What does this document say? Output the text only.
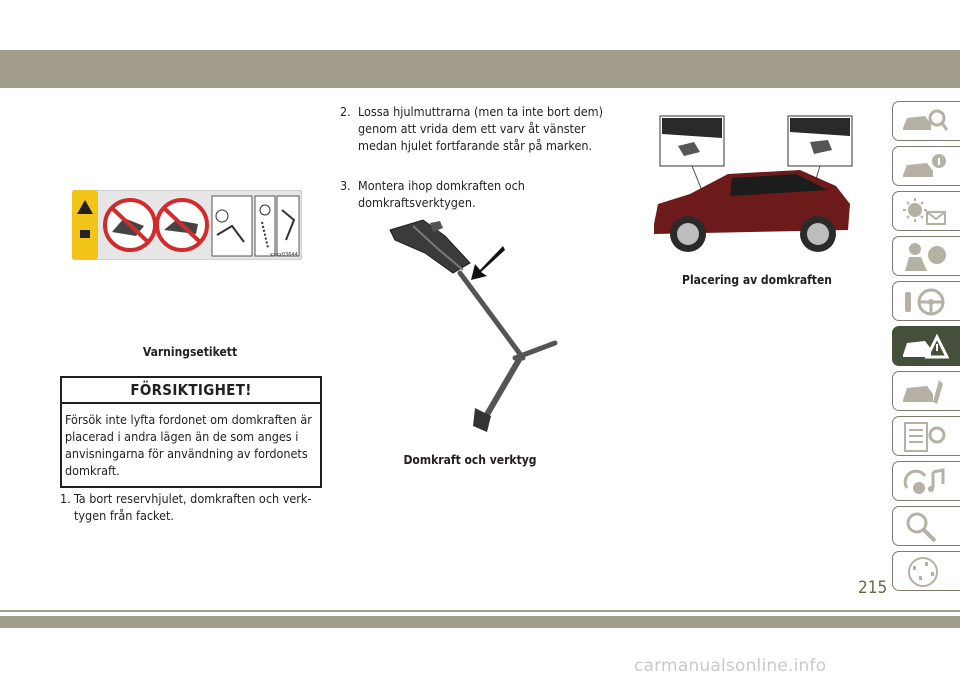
xxxx03644
Varningsetikett
FÖRSIKTIGHET!
Försök inte lyfta fordonet om domkraften är placerad i andra lägen än de som anges i anvisningarna för användning av fordonets domkraft.
1. Ta bort reservhjulet, domkraften och verktygen från facket.
2. Lossa hjulmuttrarna (men ta inte bort dem) genom att vrida dem ett varv åt vänster medan hjulet fortfarande står på marken.
3. Montera ihop domkraften och domkraftsverktygen.
Domkraft och verktyg
Placering av domkraften
215
carmanualsonline.info
